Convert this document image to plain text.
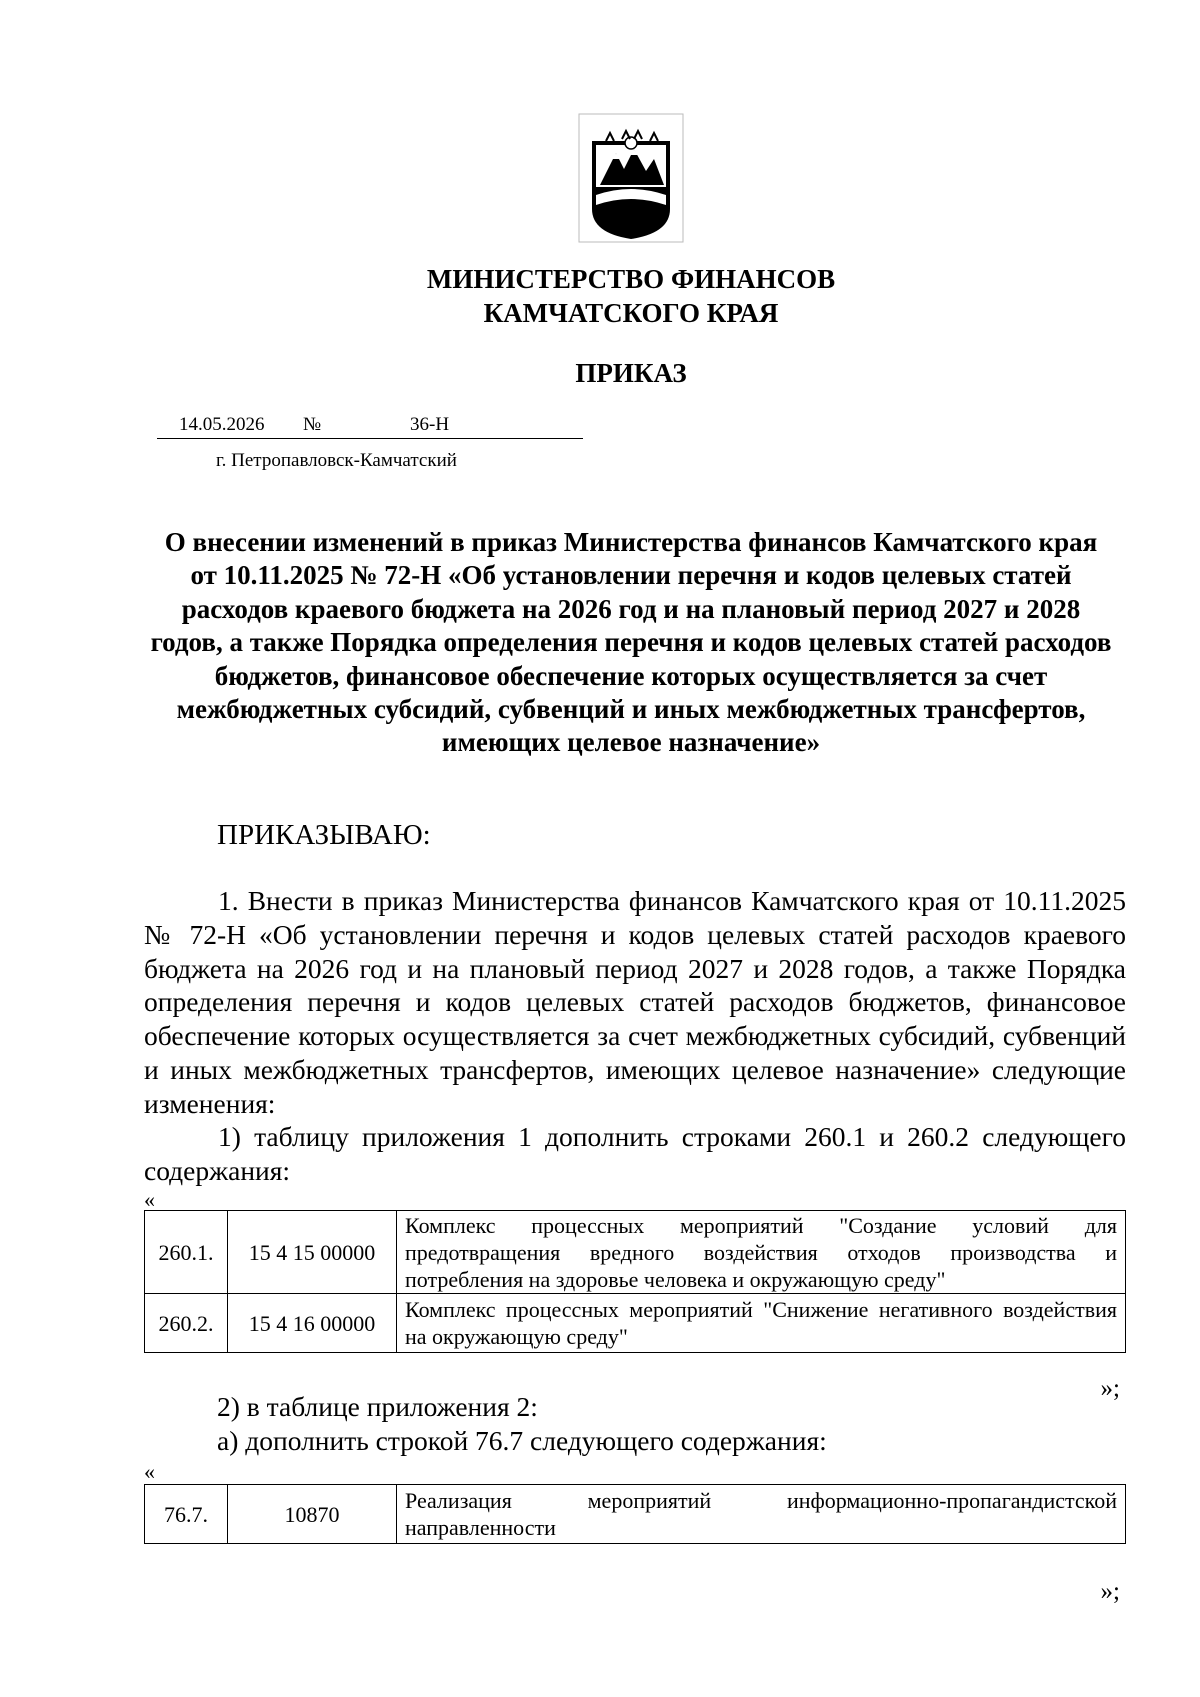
МИНИСТЕРСТВО ФИНАНСОВ
КАМЧАТСКОГО КРАЯ
ПРИКАЗ
14.05.2026 №	36-Н
г. Петропавловск-Камчатский
О внесении изменений в приказ Министерства финансов Камчатского края от 10.11.2025 № 72-Н «Об установлении перечня и кодов целевых статей расходов краевого бюджета на 2026 год и на плановый период 2027 и 2028 годов, а также Порядка определения перечня и кодов целевых статей расходов бюджетов, финансовое обеспечение которых осуществляется за счет межбюджетных субсидий, субвенций и иных межбюджетных трансфертов, имеющих целевое назначение»
ПРИКАЗЫВАЮ:
1. Внести в приказ Министерства финансов Камчатского края от 10.11.2025 № 72-Н «Об установлении перечня и кодов целевых статей расходов краевого бюджета на 2026 год и на плановый период 2027 и 2028 годов, а также Порядка определения перечня и кодов целевых статей расходов бюджетов, финансовое обеспечение которых осуществляется за счет межбюджетных субсидий, субвенций и иных межбюджетных трансфертов, имеющих целевое назначение» следующие изменения:
1) таблицу приложения 1 дополнить строками 260.1 и 260.2 следующего содержания:
«
260.1.	15 4 15 00000	Комплекс процессных мероприятий "Создание условий для предотвращения вредного воздействия отходов производства и потребления на здоровье человека и окружающую среду"
260.2.	15 4 16 00000	Комплекс процессных мероприятий "Снижение негативного воздействия на окружающую среду"
»;
2) в таблице приложения 2:
а) дополнить строкой 76.7 следующего содержания:
«
76.7.	10870	Реализация мероприятий информационно-пропагандистской направленности
»;
